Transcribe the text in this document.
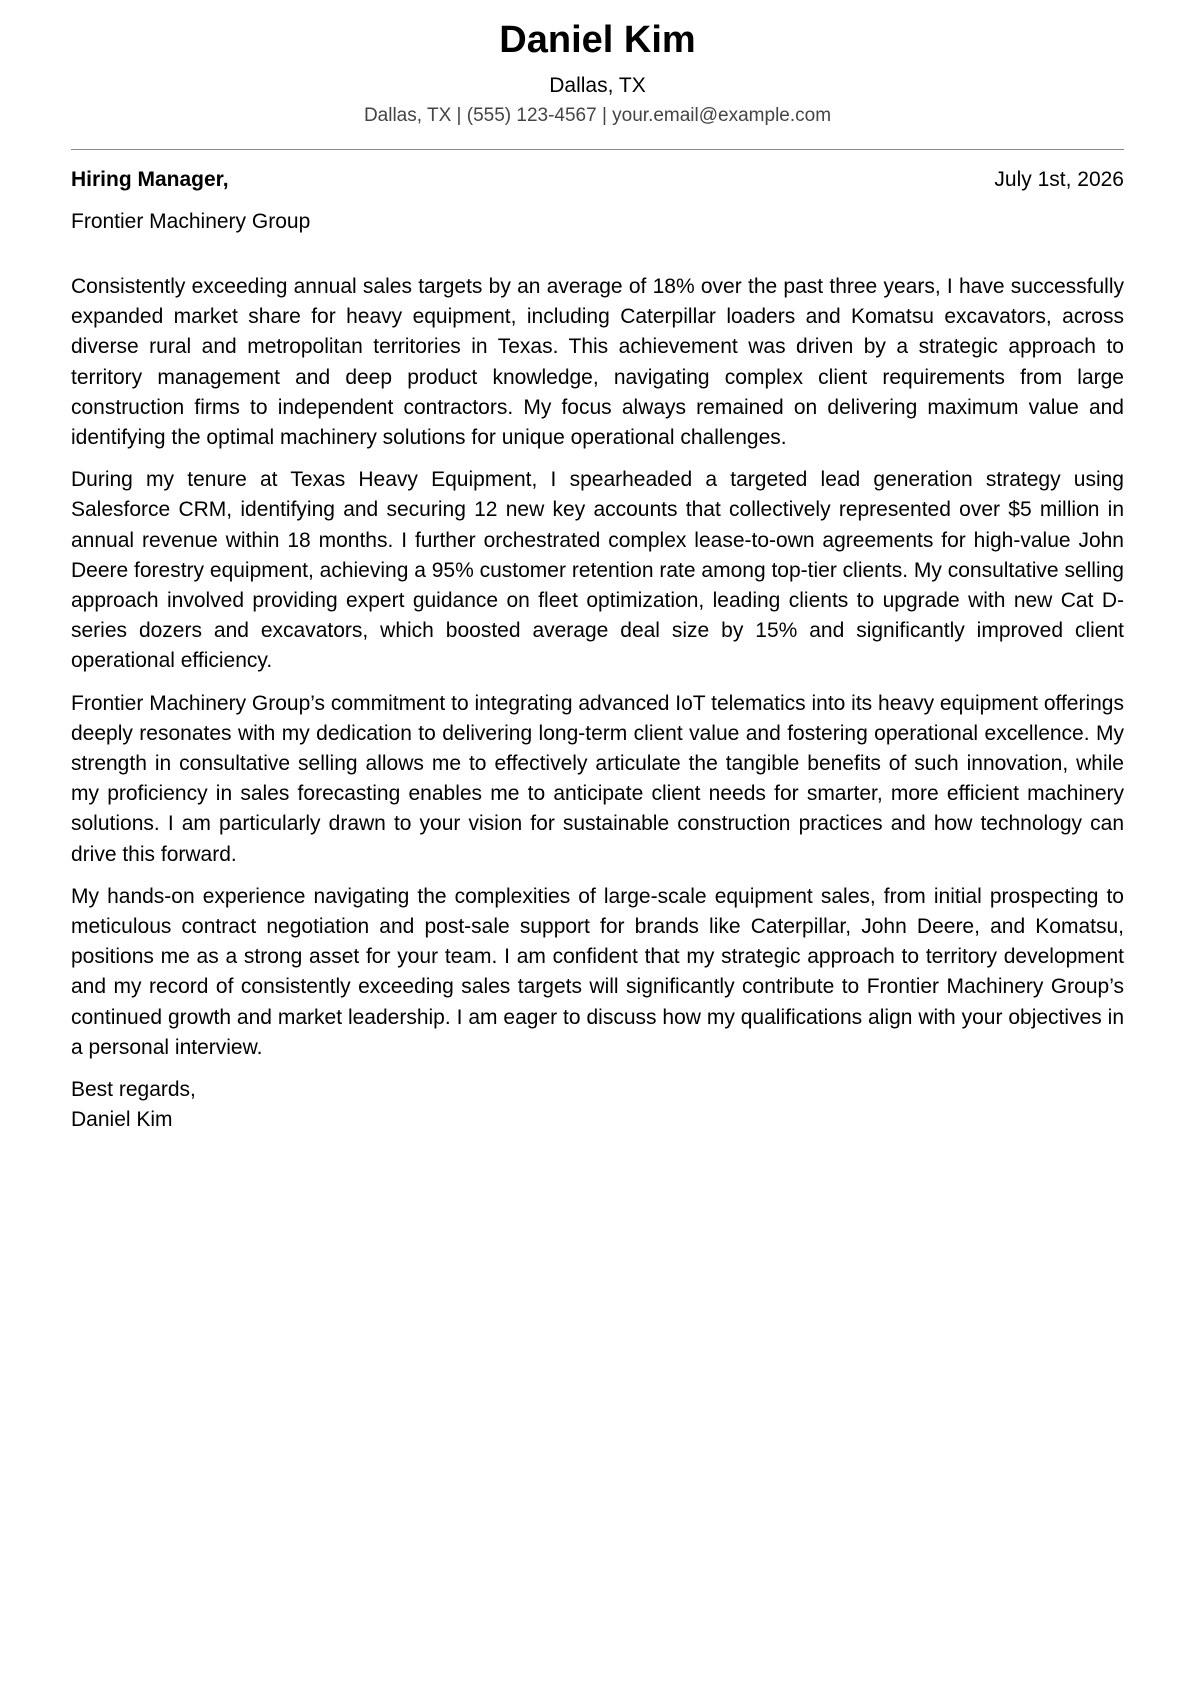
Daniel Kim
Dallas, TX
Dallas, TX | (555) 123-4567 | your.email@example.com
Hiring Manager,	July 1st, 2026
Frontier Machinery Group

Consistently exceeding annual sales targets by an average of 18% over the past three years, I have successfully expanded market share for heavy equipment, including Caterpillar loaders and Komatsu excavators, across diverse rural and metropolitan territories in Texas. This achievement was driven by a strategic approach to territory management and deep product knowledge, navigating complex client requirements from large construction firms to independent contractors. My focus always remained on delivering maximum value and identifying the optimal machinery solutions for unique operational challenges.

During my tenure at Texas Heavy Equipment, I spearheaded a targeted lead generation strategy using Salesforce CRM, identifying and securing 12 new key accounts that collectively represented over $5 million in annual revenue within 18 months. I further orchestrated complex lease-to-own agreements for high-value John Deere forestry equipment, achieving a 95% customer retention rate among top-tier clients. My consultative selling approach involved providing expert guidance on fleet optimization, leading clients to upgrade with new Cat D-series dozers and excavators, which boosted average deal size by 15% and significantly improved client operational efficiency.

Frontier Machinery Group’s commitment to integrating advanced IoT telematics into its heavy equipment offerings deeply resonates with my dedication to delivering long-term client value and fostering operational excellence. My strength in consultative selling allows me to effectively articulate the tangible benefits of such innovation, while my proficiency in sales forecasting enables me to anticipate client needs for smarter, more efficient machinery solutions. I am particularly drawn to your vision for sustainable construction practices and how technology can drive this forward.

My hands-on experience navigating the complexities of large-scale equipment sales, from initial prospecting to meticulous contract negotiation and post-sale support for brands like Caterpillar, John Deere, and Komatsu, positions me as a strong asset for your team. I am confident that my strategic approach to territory development and my record of consistently exceeding sales targets will significantly contribute to Frontier Machinery Group’s continued growth and market leadership. I am eager to discuss how my qualifications align with your objectives in a personal interview.

Best regards,
Daniel Kim
